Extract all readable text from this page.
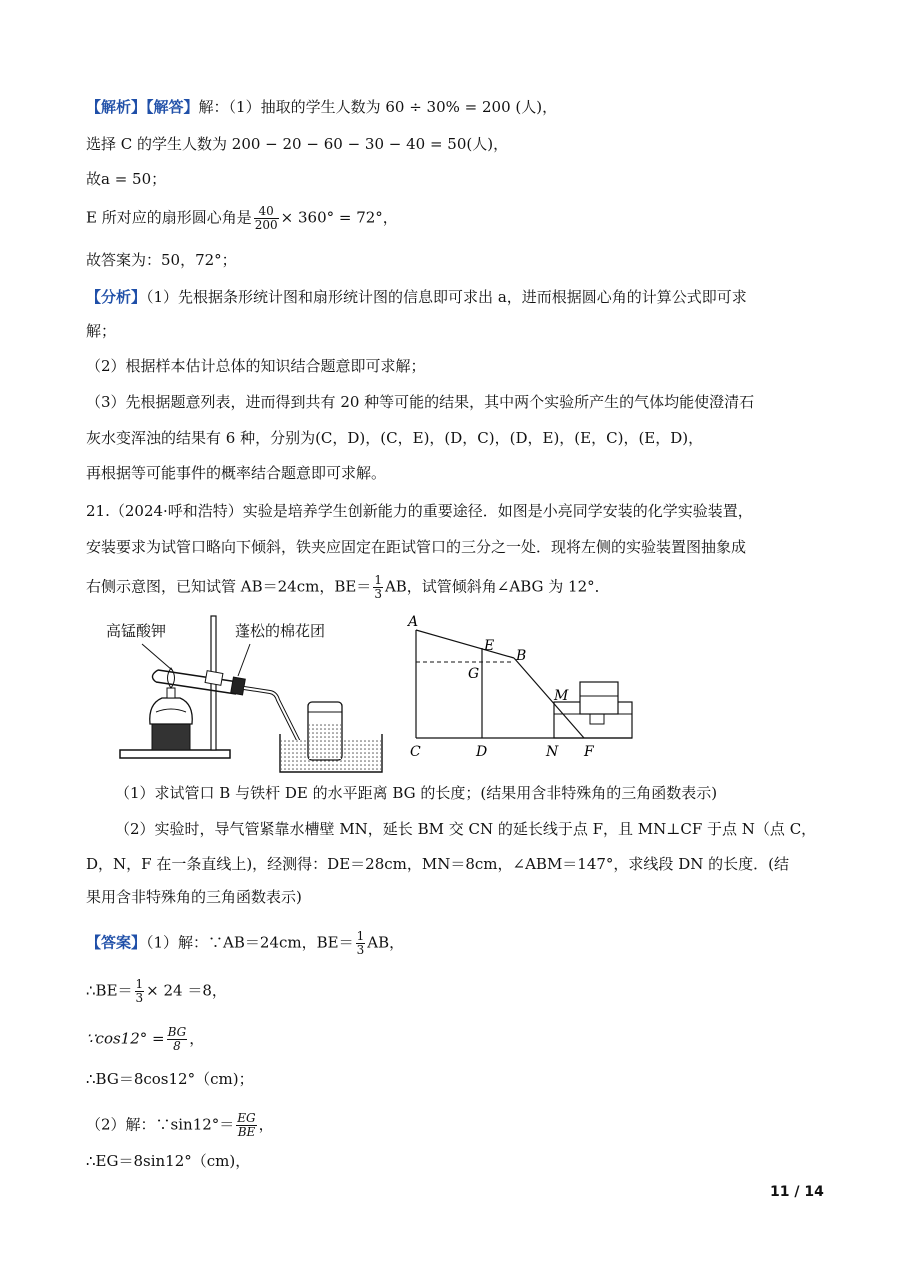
【解析】【解答】解：（1）抽取的学生人数为 60 ÷ 30% = 200 (人)，
选择 C 的学生人数为 200 − 20 − 60 − 30 − 40 = 50(人)，
故a = 50；
E 所对应的扇形圆心角是 $\frac{40}{200} \times 360^\circ = 72^\circ$，
故答案为：50，72°；
【分析】（1）先根据条形统计图和扇形统计图的信息即可求出 a，进而根据圆心角的计算公式即可求
解；
（2）根据样本估计总体的知识结合题意即可求解；
（3）先根据题意列表，进而得到共有 20 种等可能的结果，其中两个实验所产生的气体均能使澄清石
灰水变浑浊的结果有 6 种，分别为(C，D)，(C，E)，(D，C)，(D，E)，(E，C)，(E，D)，
再根据等可能事件的概率结合题意即可求解。
21.（2024·呼和浩特）实验是培养学生创新能力的重要途径．如图是小亮同学安装的化学实验装置，
安装要求为试管口略向下倾斜，铁夹应固定在距试管口的三分之一处．现将左侧的实验装置图抽象成
右侧示意图，已知试管 AB＝24cm，$BE= \frac{1}{3}$ AB，试管倾斜角∠ABG 为 12°．
高锰酸钾	蓬松的棉花团	A
E
B
G
M
C	D	N F
（1）求试管口 B 与铁杆 DE 的水平距离 BG 的长度；(结果用含非特殊角的三角函数表示)
（2）实验时，导气管紧靠水槽壁 MN，延长 BM 交 CN 的延长线于点 F，且 MN⊥CF 于点 N（点 C，
D，N，F 在一条直线上)，经测得：DE＝28cm，MN＝8cm，∠ABM＝147°，求线段 DN 的长度．(结
果用含非特殊角的三角函数表示)
【答案】（1）解：∵AB＝24cm，$BE= \frac{1}{3}$ AB，
∴BE＝ $\frac{1}{3} \times 24 =8$，
∵cos12° = $\frac{BG}{8}$ ，
∴BG＝8cos12°（cm)；
（2）解：∵sin12°＝ $\frac{EG}{BE}$ ，
∴EG＝8sin12°（cm)，
11 / 14
